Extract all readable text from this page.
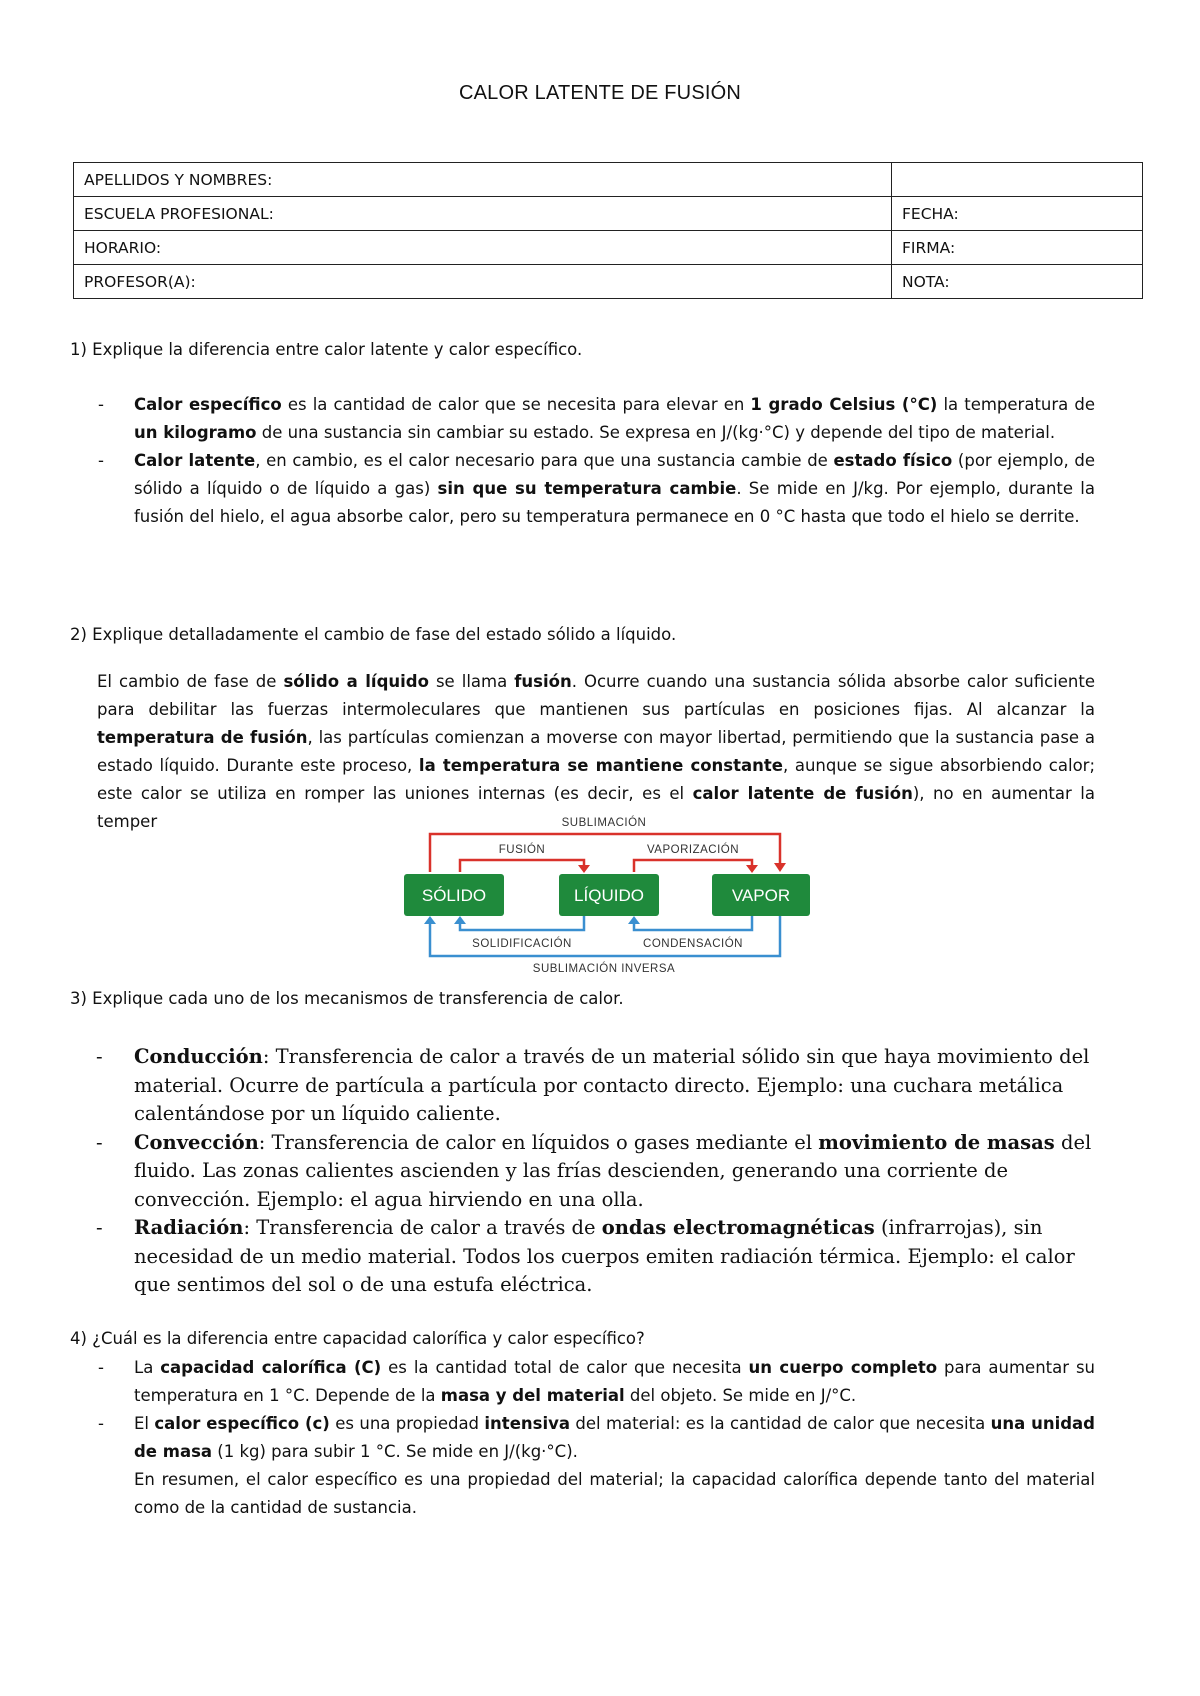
CALOR LATENTE DE FUSIÓN
APELLIDOS Y NOMBRES:	
ESCUELA PROFESIONAL:	FECHA:
HORARIO:	FIRMA:
PROFESOR(A):	NOTA:
1) Explique la diferencia entre calor latente y calor específico.
- Calor específico es la cantidad de calor que se necesita para elevar en 1 grado Celsius (°C) la temperatura de un kilogramo de una sustancia sin cambiar su estado. Se expresa en J/(kg·°C) y depende del tipo de material.
- Calor latente, en cambio, es el calor necesario para que una sustancia cambie de estado físico (por ejemplo, de sólido a líquido o de líquido a gas) sin que su temperatura cambie. Se mide en J/kg. Por ejemplo, durante la fusión del hielo, el agua absorbe calor, pero su temperatura permanece en 0 °C hasta que todo el hielo se derrite.
2) Explique detalladamente el cambio de fase del estado sólido a líquido.
El cambio de fase de sólido a líquido se llama fusión. Ocurre cuando una sustancia sólida absorbe calor suficiente para debilitar las fuerzas intermoleculares que mantienen sus partículas en posiciones fijas. Al alcanzar la temperatura de fusión, las partículas comienzan a moverse con mayor libertad, permitiendo que la sustancia pase a estado líquido. Durante este proceso, la temperatura se mantiene constante, aunque se sigue absorbiendo calor; este calor se utiliza en romper las uniones internas (es decir, es el calor latente de fusión), no en aumentar la temper
SÓLIDO	LÍQUIDO	VAPOR
SUBLIMACIÓN
FUSIÓN	VAPORIZACIÓN
SOLIDIFICACIÓN	CONDENSACIÓN
SUBLIMACIÓN INVERSA
3) Explique cada uno de los mecanismos de transferencia de calor.
- Conducción: Transferencia de calor a través de un material sólido sin que haya movimiento del material. Ocurre de partícula a partícula por contacto directo. Ejemplo: una cuchara metálica calentándose por un líquido caliente.
- Convección: Transferencia de calor en líquidos o gases mediante el movimiento de masas del fluido. Las zonas calientes ascienden y las frías descienden, generando una corriente de convección. Ejemplo: el agua hirviendo en una olla.
- Radiación: Transferencia de calor a través de ondas electromagnéticas (infrarrojas), sin necesidad de un medio material. Todos los cuerpos emiten radiación térmica. Ejemplo: el calor que sentimos del sol o de una estufa eléctrica.
4) ¿Cuál es la diferencia entre capacidad calorífica y calor específico?
- La capacidad calorífica (C) es la cantidad total de calor que necesita un cuerpo completo para aumentar su temperatura en 1 °C. Depende de la masa y del material del objeto. Se mide en J/°C.
- El calor específico (c) es una propiedad intensiva del material: es la cantidad de calor que necesita una unidad de masa (1 kg) para subir 1 °C. Se mide en J/(kg·°C).
En resumen, el calor específico es una propiedad del material; la capacidad calorífica depende tanto del material como de la cantidad de sustancia.
